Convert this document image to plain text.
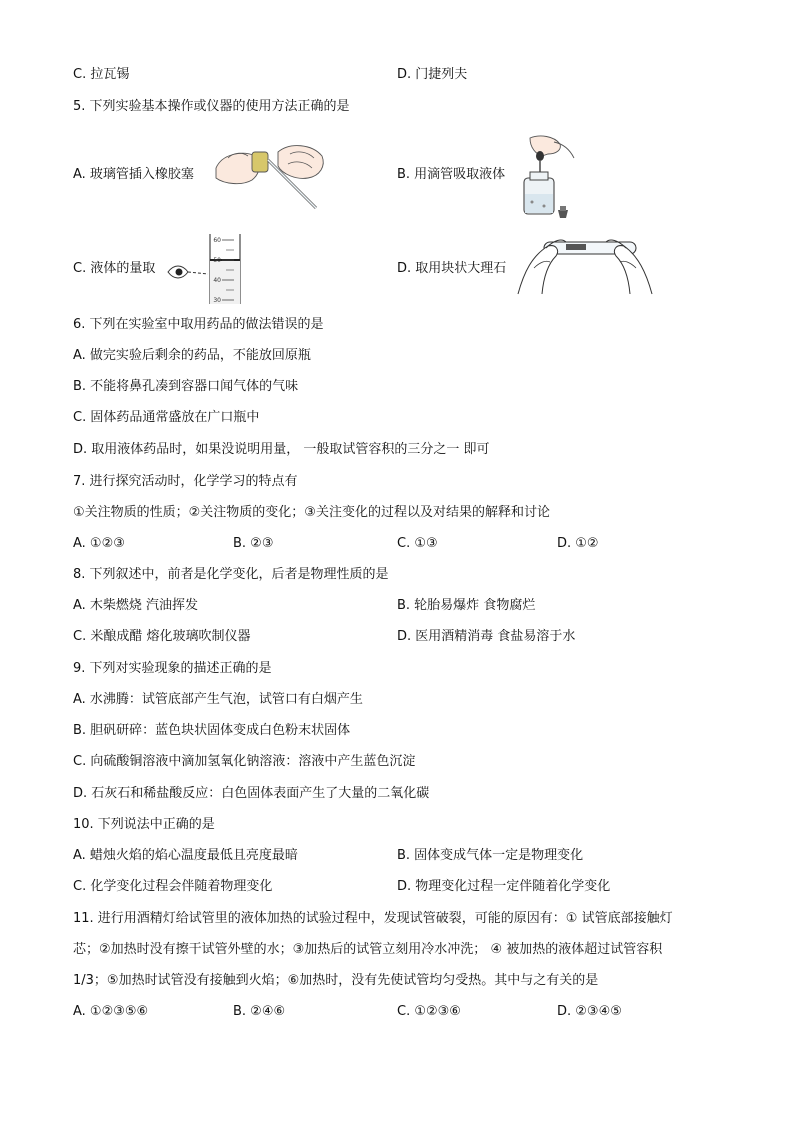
C. 拉瓦锡	D. 门捷列夫
5. 下列实验基本操作或仪器的使用方法正确的是
A. 玻璃管插入橡胶塞	B. 用滴管吸取液体
C. 液体的量取
60
50
40
30
D. 取用块状大理石
6. 下列在实验室中取用药品的做法错误的是
A. 做完实验后剩余的药品，不能放回原瓶
B. 不能将鼻孔凑到容器口闻气体的气味
C. 固体药品通常盛放在广口瓶中
D. 取用液体药品时，如果没说明用量， 一般取试管容积的三分之一 即可
7. 进行探究活动时，化学学习的特点有
①关注物质的性质；②关注物质的变化；③关注变化的过程以及对结果的解释和讨论
A. ①②③	B. ②③	C. ①③	D. ①②
8. 下列叙述中，前者是化学变化，后者是物理性质的是
A. 木柴燃烧 汽油挥发	B. 轮胎易爆炸 食物腐烂
C. 米酿成醋 熔化玻璃吹制仪器	D. 医用酒精消毒 食盐易溶于水
9. 下列对实验现象的描述正确的是
A. 水沸腾：试管底部产生气泡，试管口有白烟产生
B. 胆矾研碎：蓝色块状固体变成白色粉末状固体
C. 向硫酸铜溶液中滴加氢氧化钠溶液：溶液中产生蓝色沉淀
D. 石灰石和稀盐酸反应：白色固体表面产生了大量的二氧化碳
10. 下列说法中正确的是
A. 蜡烛火焰的焰心温度最低且亮度最暗	B. 固体变成气体一定是物理变化
C. 化学变化过程会伴随着物理变化	D. 物理变化过程一定伴随着化学变化
11. 进行用酒精灯给试管里的液体加热的试验过程中，发现试管破裂，可能的原因有：① 试管底部接触灯
芯；②加热时没有擦干试管外壁的水；③加热后的试管立刻用冷水冲洗； ④ 被加热的液体超过试管容积
1/3；⑤加热时试管没有接触到火焰；⑥加热时，没有先使试管均匀受热。其中与之有关的是
A. ①②③⑤⑥	B. ②④⑥	C. ①②③⑥	D. ②③④⑤
